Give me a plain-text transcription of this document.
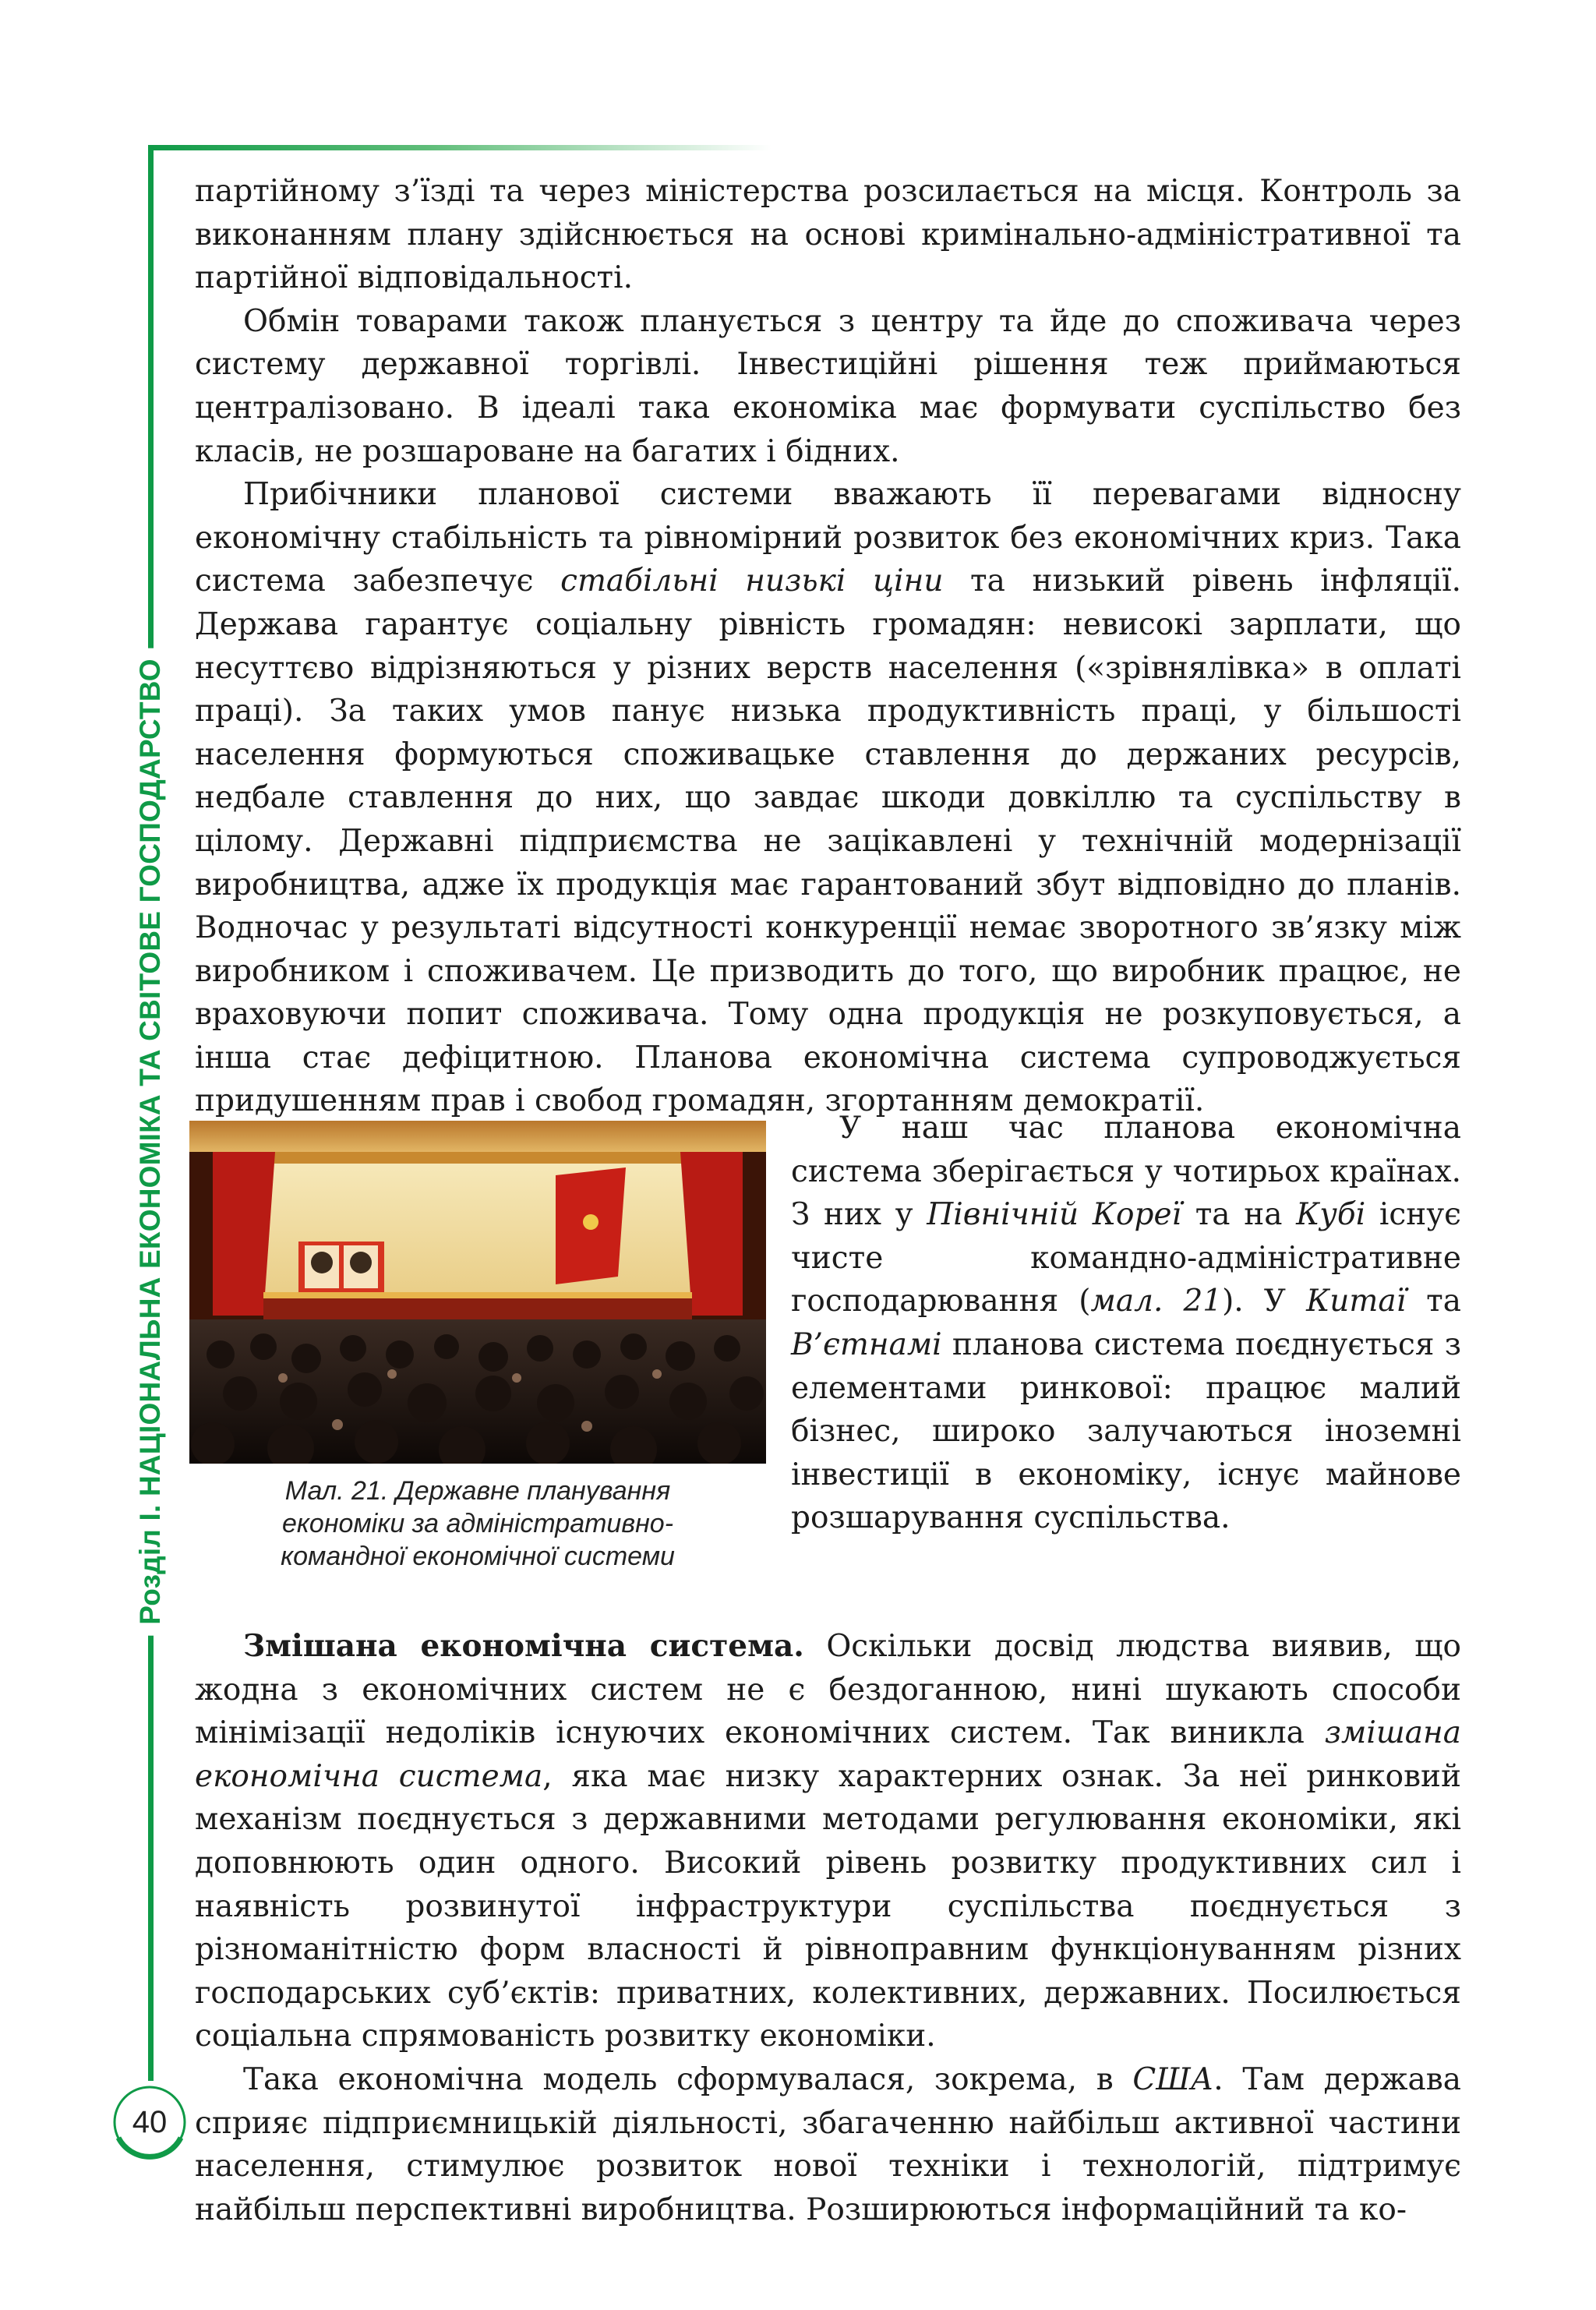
Розділ І. НАЦІОНАЛЬНА ЕКОНОМІКА ТА СВІТОВЕ ГОСПОДАРСТВО

партійному з’їзді та через міністерства розсилається на місця. Контроль за виконанням плану здійснюється на основі кримінально-адміністративної та партійної відповідальності.

Обмін товарами також планується з центру та йде до споживача через систему державної торгівлі. Інвестиційні рішення теж приймаються централізовано. В ідеалі така економіка має формувати суспільство без класів, не розшароване на багатих і бідних.

Прибічники планової системи вважають її перевагами відносну економічну стабільність та рівномірний розвиток без економічних криз. Така система забезпечує стабільні низькі ціни та низький рівень інфляції. Держава гарантує соціальну рівність громадян: невисокі зарплати, що несуттєво відрізняються у різних верств населення («зрівнялівка» в оплаті праці). За таких умов панує низька продуктивність праці, у більшості населення формуються споживацьке ставлення до держаних ресурсів, недбале ставлення до них, що завдає шкоди довкіллю та суспільству в цілому. Державні підприємства не зацікавлені у технічній модернізації виробництва, адже їх продукція має гарантований збут відповідно до планів. Водночас у результаті відсутності конкуренції немає зворотного зв’язку між виробником і споживачем. Це призводить до того, що виробник працює, не враховуючи попит споживача. Тому одна продукція не розкуповується, а інша стає дефіцитною. Планова економічна система супроводжується придушенням прав і свобод громадян, згортанням демократії.

Мал. 21. Державне планування
економіки за адміністративно-
командної економічної системи

У наш час планова економічна система зберігається у чотирьох країнах. З них у Північній Кореї та на Кубі існує чисте командно-адміністративне господарювання (мал. 21). У Китаї та В’єтнамі планова система поєднується з елементами ринкової: працює малий бізнес, широко залучаються іноземні інвестиції в економіку, існує майнове розшарування суспільства.

Змішана економічна система. Оскільки досвід людства виявив, що жодна з економічних систем не є бездоганною, нині шукають способи мінімізації недоліків існуючих економічних систем. Так виникла змішана економічна система, яка має низку характерних ознак. За неї ринковий механізм поєднується з державними методами регулювання економіки, які доповнюють один одного. Високий рівень розвитку продуктивних сил і наявність розвинутої інфраструктури суспільства поєднується з різноманітністю форм власності й рівноправним функціонуванням різних господарських суб’єктів: приватних, колективних, державних. Посилюється соціальна спрямованість розвитку економіки.

Така економічна модель сформувалася, зокрема, в США. Там держава сприяє підприємницькій діяльності, збагаченню найбільш активної частини населення, стимулює розвиток нової техніки і технологій, підтримує найбільш перспективні виробництва. Розширюються інформаційний та ко-

40
